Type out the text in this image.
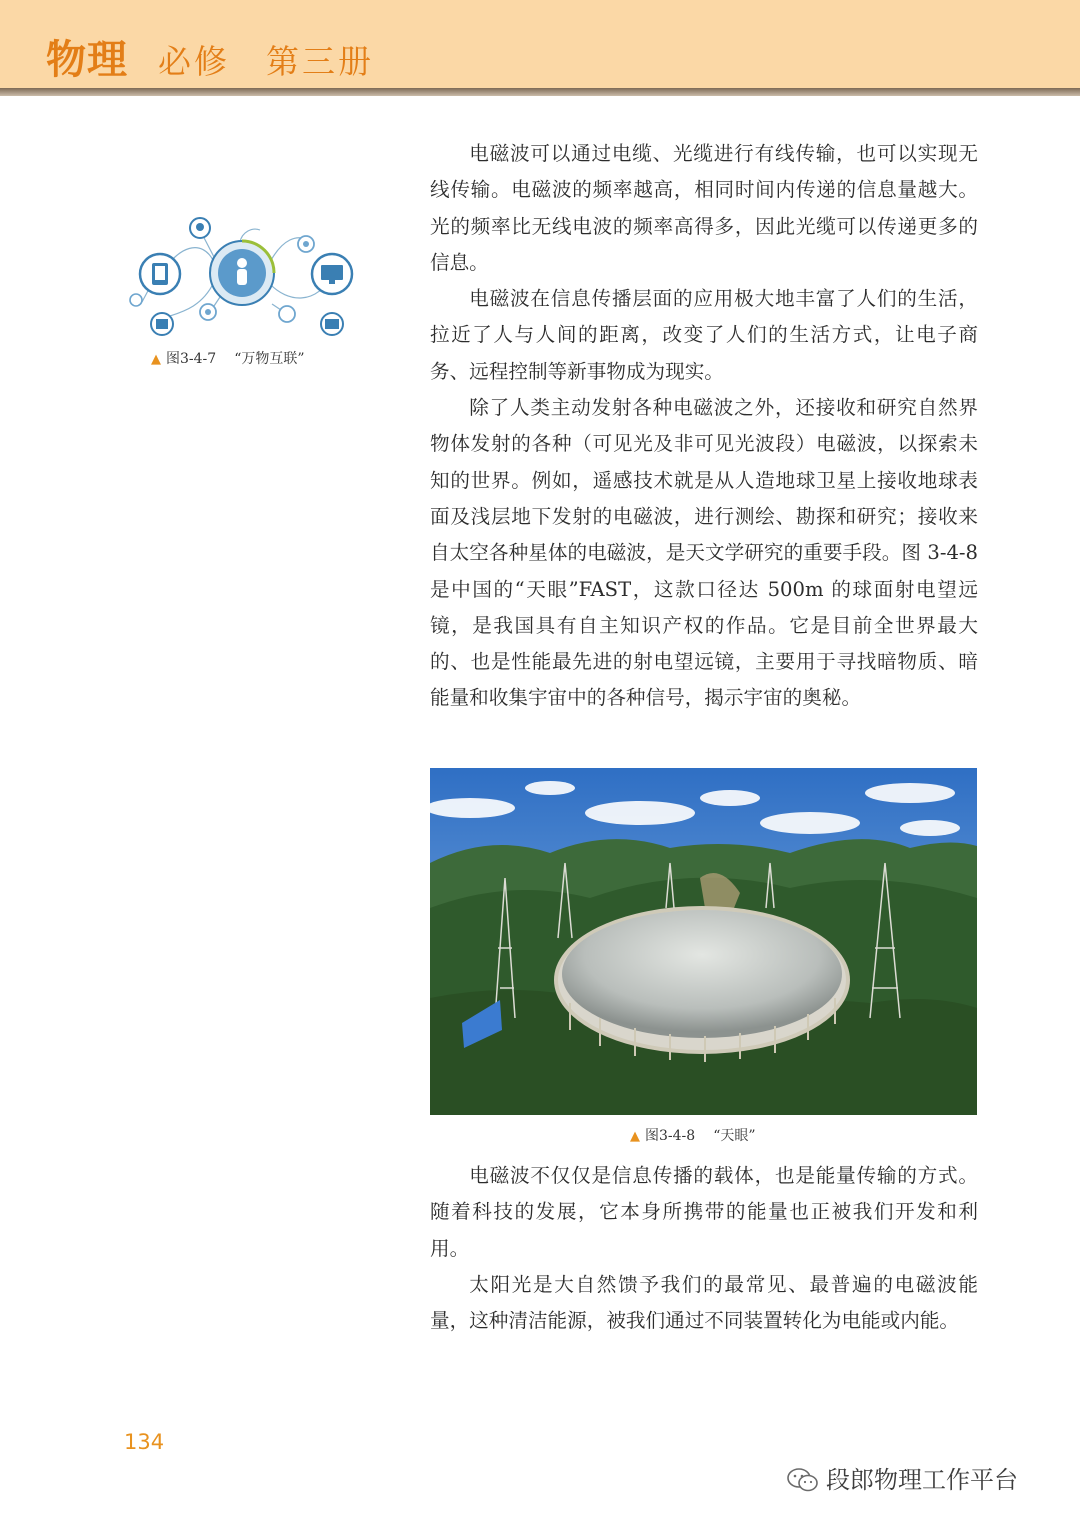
物理 必修　第三册
▲ 图3-4-7 “万物互联”

电磁波可以通过电缆、光缆进行有线传输，也可以实现无线传输。电磁波的频率越高，相同时间内传递的信息量越大。光的频率比无线电波的频率高得多，因此光缆可以传递更多的信息。

电磁波在信息传播层面的应用极大地丰富了人们的生活，拉近了人与人间的距离，改变了人们的生活方式，让电子商务、远程控制等新事物成为现实。

除了人类主动发射各种电磁波之外，还接收和研究自然界物体发射的各种（可见光及非可见光波段）电磁波，以探索未知的世界。例如，遥感技术就是从人造地球卫星上接收地球表面及浅层地下发射的电磁波，进行测绘、勘探和研究；接收来自太空各种星体的电磁波，是天文学研究的重要手段。图 3-4-8 是中国的“天眼”FAST，这款口径达 500m 的球面射电望远镜，是我国具有自主知识产权的作品。它是目前全世界最大的、也是性能最先进的射电望远镜，主要用于寻找暗物质、暗能量和收集宇宙中的各种信号，揭示宇宙的奥秘。

▲ 图3-4-8 “天眼”

电磁波不仅仅是信息传播的载体，也是能量传输的方式。随着科技的发展，它本身所携带的能量也正被我们开发和利用。

太阳光是大自然馈予我们的最常见、最普遍的电磁波能量，这种清洁能源，被我们通过不同装置转化为电能或内能。

134
段郎物理工作平台
